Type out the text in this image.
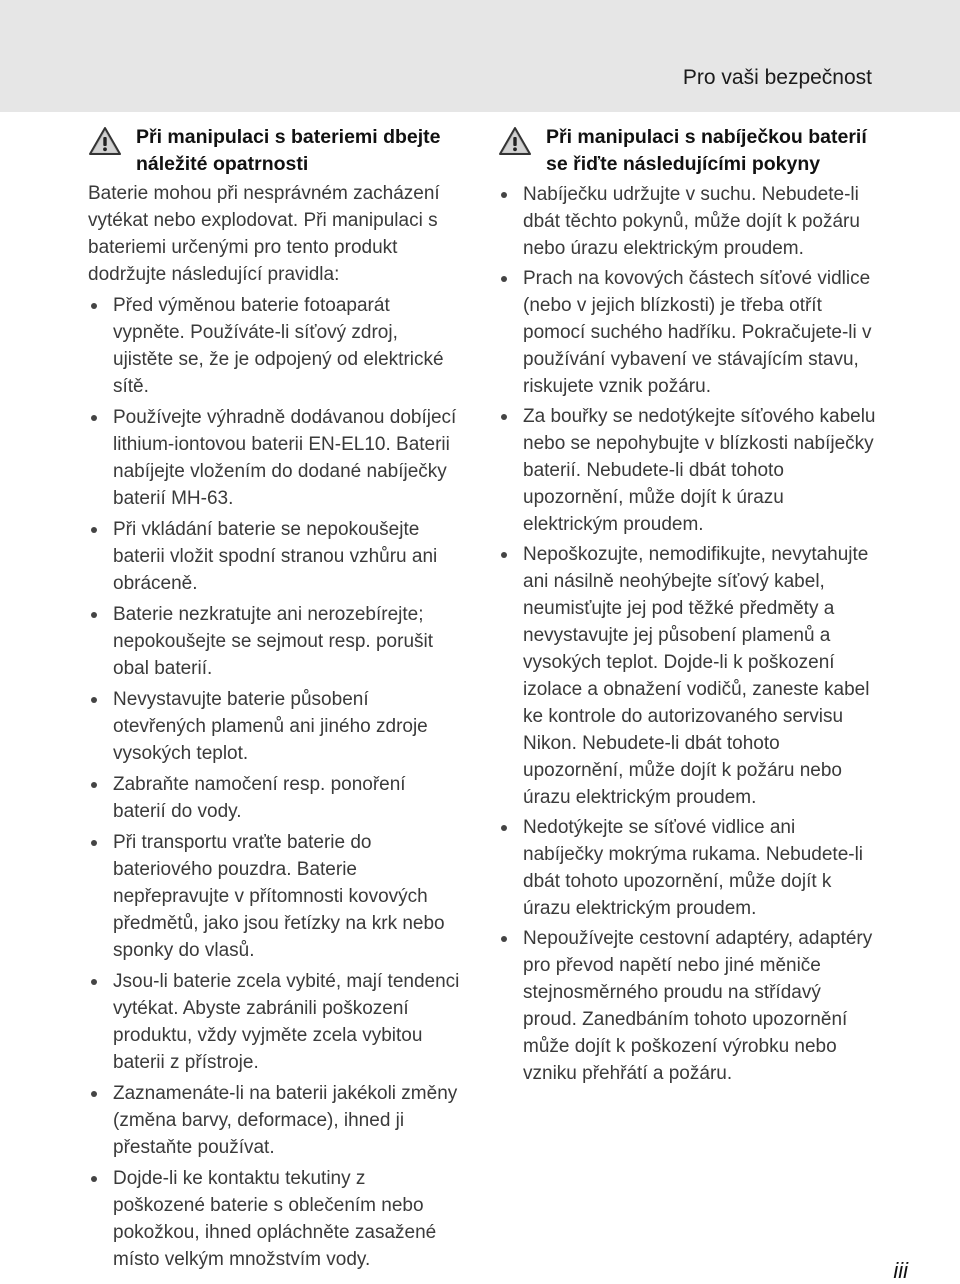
Pro vaši bezpečnost
Při manipulaci s bateriemi dbejte náležité opatrnosti

Baterie mohou při nesprávném zacházení vytékat nebo explodovat. Při manipulaci s bateriemi určenými pro tento produkt dodržujte následující pravidla:

Před výměnou baterie fotoaparát vypněte. Používáte-li síťový zdroj, ujistěte se, že je odpojený od elektrické sítě.
Používejte výhradně dodávanou dobíjecí lithium-iontovou baterii EN-EL10. Baterii nabíjejte vložením do dodané nabíječky baterií MH-63.
Při vkládání baterie se nepokoušejte baterii vložit spodní stranou vzhůru ani obráceně.
Baterie nezkratujte ani nerozebírejte; nepokoušejte se sejmout resp. porušit obal baterií.
Nevystavujte baterie působení otevřených plamenů ani jiného zdroje vysokých teplot.
Zabraňte namočení resp. ponoření baterií do vody.
Při transportu vraťte baterie do bateriového pouzdra. Baterie nepřepravujte v přítomnosti kovových předmětů, jako jsou řetízky na krk nebo sponky do vlasů.
Jsou-li baterie zcela vybité, mají tendenci vytékat. Abyste zabránili poškození produktu, vždy vyjměte zcela vybitou baterii z přístroje.
Zaznamenáte-li na baterii jakékoli změny (změna barvy, deformace), ihned ji přestaňte používat.
Dojde-li ke kontaktu tekutiny z poškozené baterie s oblečením nebo pokožkou, ihned opláchněte zasažené místo velkým množstvím vody.
Při manipulaci s nabíječkou baterií se řiďte následujícími pokyny
Nabíječku udržujte v suchu. Nebudete-li dbát těchto pokynů, může dojít k požáru nebo úrazu elektrickým proudem.
Prach na kovových částech síťové vidlice (nebo v jejich blízkosti) je třeba otřít pomocí suchého hadříku. Pokračujete-li v používání vybavení ve stávajícím stavu, riskujete vznik požáru.
Za bouřky se nedotýkejte síťového kabelu nebo se nepohybujte v blízkosti nabíječky baterií. Nebudete-li dbát tohoto upozornění, může dojít k úrazu elektrickým proudem.
Nepoškozujte, nemodifikujte, nevytahujte ani násilně neohýbejte síťový kabel, neumisťujte jej pod těžké předměty a nevystavujte jej působení plamenů a vysokých teplot. Dojde-li k poškození izolace a obnažení vodičů, zaneste kabel ke kontrole do autorizovaného servisu Nikon. Nebudete-li dbát tohoto upozornění, může dojít k požáru nebo úrazu elektrickým proudem.
Nedotýkejte se síťové vidlice ani nabíječky mokrýma rukama. Nebudete-li dbát tohoto upozornění, může dojít k úrazu elektrickým proudem.
Nepoužívejte cestovní adaptéry, adaptéry pro převod napětí nebo jiné měniče stejnosměrného proudu na střídavý proud. Zanedbáním tohoto upozornění může dojít k poškození výrobku nebo vzniku přehřátí a požáru.
iii
